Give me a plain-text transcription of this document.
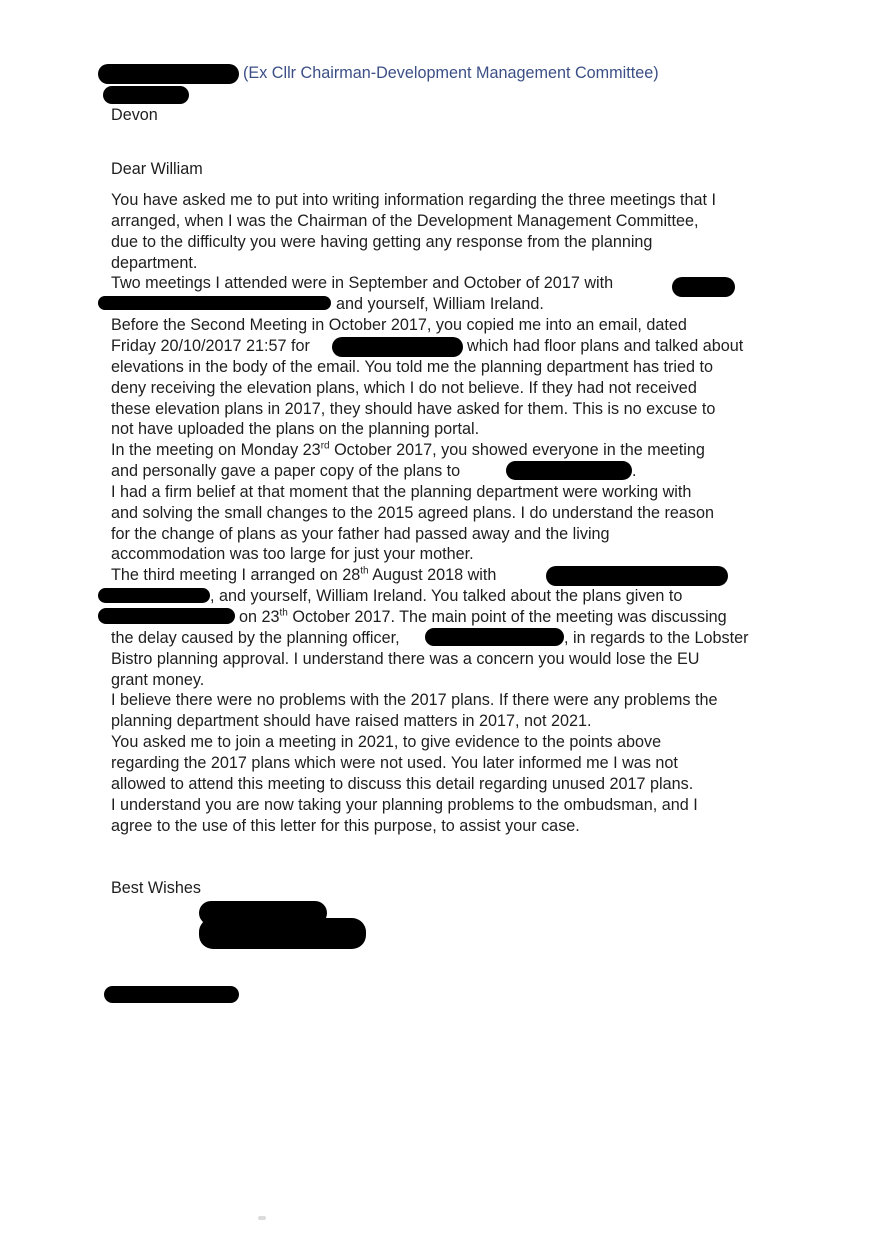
(Ex Cllr Chairman-Development Management Committee)
Devon
Dear William
You have asked me to put into writing information regarding the three meetings that I
arranged, when I was the Chairman of the Development Management Committee,
due to the difficulty you were having getting any response from the planning
department.
Two meetings I attended were in September and October of 2017 with
and yourself, William Ireland.
Before the Second Meeting in October 2017, you copied me into an email, dated
Friday 20/10/2017 21:57 for	which had floor plans and talked about
elevations in the body of the email. You told me the planning department has tried to
deny receiving the elevation plans, which I do not believe. If they had not received
these elevation plans in 2017, they should have asked for them. This is no excuse to
not have uploaded the plans on the planning portal.
In the meeting on Monday 23rd October 2017, you showed everyone in the meeting
and personally gave a paper copy of the plans to	.
I had a firm belief at that moment that the planning department were working with
and solving the small changes to the 2015 agreed plans. I do understand the reason
for the change of plans as your father had passed away and the living
accommodation was too large for just your mother.
The third meeting I arranged on 28th August 2018 with
, and yourself, William Ireland. You talked about the plans given to
on 23th October 2017. The main point of the meeting was discussing
the delay caused by the planning officer,	, in regards to the Lobster
Bistro planning approval. I understand there was a concern you would lose the EU
grant money.
I believe there were no problems with the 2017 plans. If there were any problems the
planning department should have raised matters in 2017, not 2021.
You asked me to join a meeting in 2021, to give evidence to the points above
regarding the 2017 plans which were not used. You later informed me I was not
allowed to attend this meeting to discuss this detail regarding unused 2017 plans.
I understand you are now taking your planning problems to the ombudsman, and I
agree to the use of this letter for this purpose, to assist your case.
Best Wishes
